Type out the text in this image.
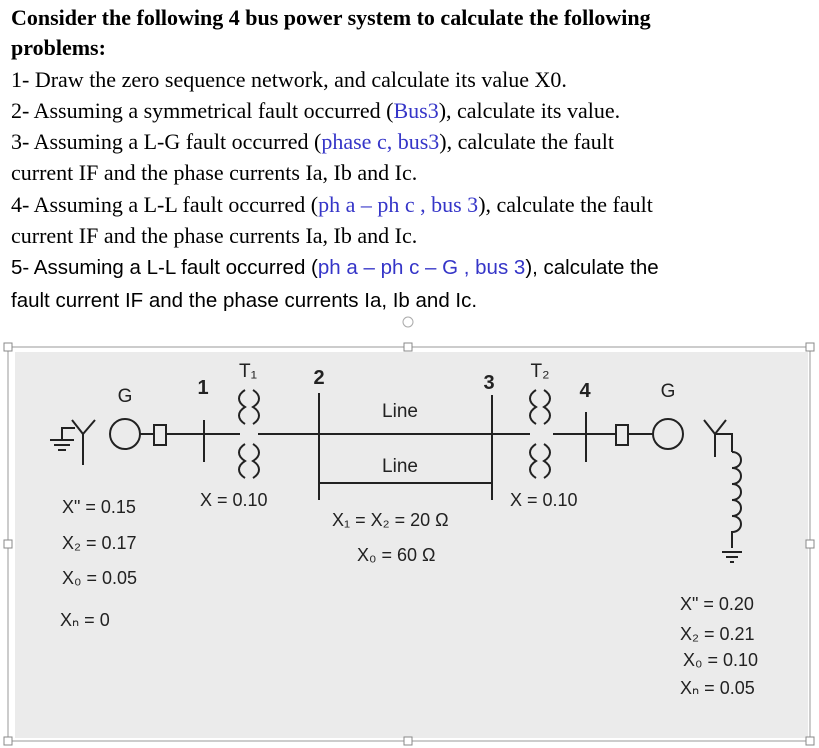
Consider the following 4 bus power system to calculate the following
problems:
1- Draw the zero sequence network, and calculate its value X0.
2- Assuming a symmetrical fault occurred (Bus3), calculate its value.
3- Assuming a L-G fault occurred (phase c, bus3), calculate the fault
current IF and the phase currents Ia, Ib and Ic.
4- Assuming a L-L fault occurred (ph a – ph c , bus 3), calculate the fault
current IF and the phase currents Ia, Ib and Ic.
5- Assuming a L-L fault occurred (ph a – ph c – G , bus 3), calculate the
fault current IF and the phase currents Ia, Ib and Ic.
G	G
T₁	T₂
Line
Line
1	2	3	4
X" = 0.15
X₂ = 0.17
X₀ = 0.05
Xₙ = 0
X = 0.10	X = 0.10
X₁ = X₂ = 20 Ω
X₀ = 60 Ω
X" = 0.20
X₂ = 0.21
X₀ = 0.10
Xₙ = 0.05
